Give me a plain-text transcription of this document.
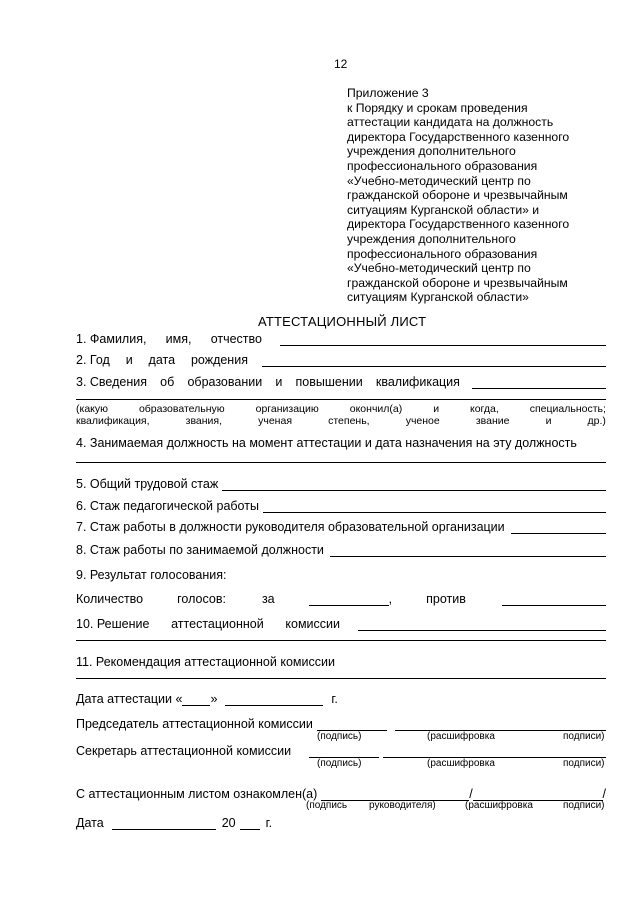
12
Приложение 3
к Порядку и срокам проведения
аттестации кандидата на должность
директора Государственного казенного
учреждения дополнительного
профессионального образования
«Учебно-методический центр по
гражданской обороне и чрезвычайным
ситуациям Курганской области» и
директора Государственного казенного
учреждения дополнительного
профессионального образования
«Учебно-методический центр по
гражданской обороне и чрезвычайным
ситуациям Курганской области»
АТТЕСТАЦИОННЫЙ ЛИСТ
1. Фамилия, имя, отчество
2. Год и дата рождения
3. Сведения об образовании и повышении квалификация
(какую	образовательную	организацию	окончил(а)	и	когда,	специальность;
квалификация,	звания,	ученая	степень,	ученое	звание	и	др.)
4. Занимаемая должность на момент аттестации и дата назначения на эту должность
5. Общий трудовой стаж
6. Стаж педагогической работы
7. Стаж работы в должности руководителя образовательной организации
8. Стаж работы по занимаемой должности
9. Результат голосования:
Количество	голосов:	за	,	против
10. Решение аттестационной комиссии
11. Рекомендация аттестационной комиссии
Дата аттестации « »	г.
Председатель аттестационной комиссии
(подпись)	(расшифровка	подписи)
Секретарь аттестационной комиссии
(подпись)	(расшифровка	подписи)
С аттестационным листом ознакомлен(а)	/	/
(подпись руководителя)	(расшифровка	подписи)
Дата	20 г.
